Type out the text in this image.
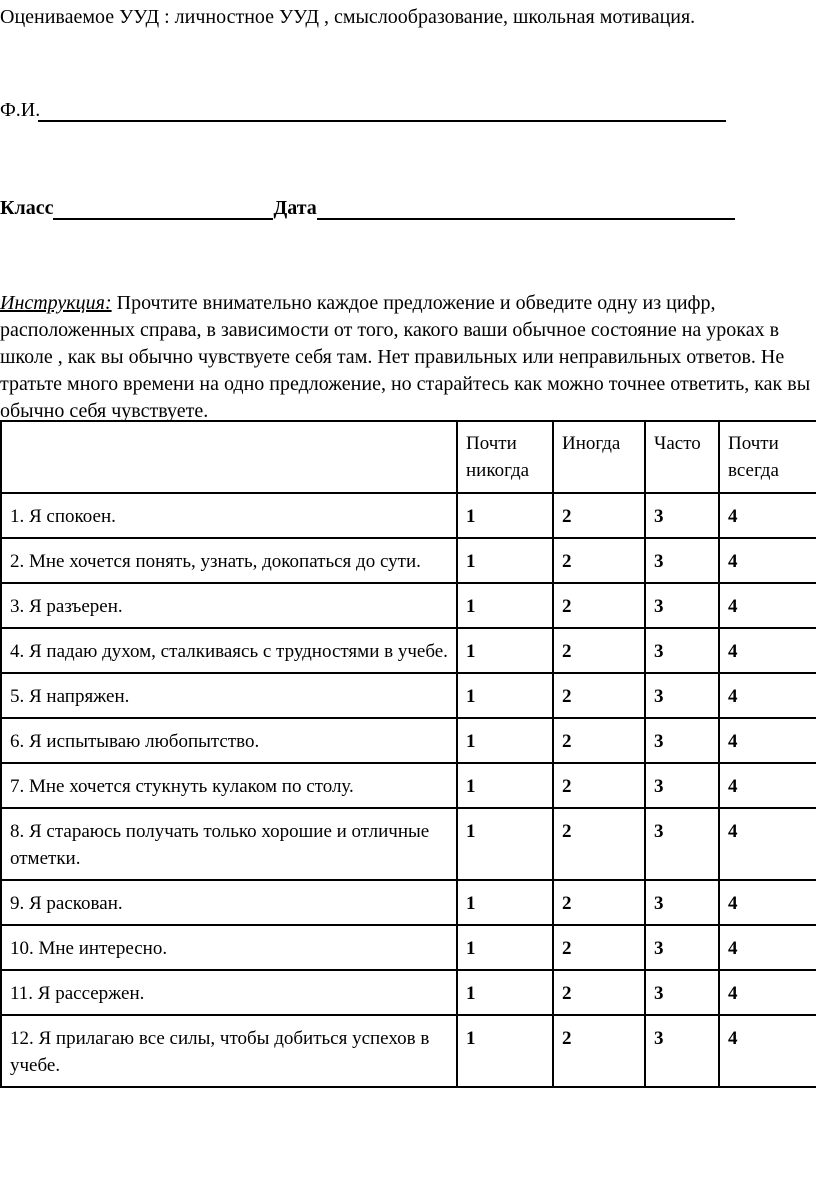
Оцениваемое УУД : личностное УУД , смыслообразование, школьная мотивация.
Ф.И.
Класс	Дата
Инструкция: Прочтите внимательно каждое предложение и обведите одну из цифр, расположенных справа, в зависимости от того, какого ваши обычное состояние на уроках в школе , как вы обычно чувствуете себя там. Нет правильных или неправильных ответов. Не тратьте много времени на одно предложение, но старайтесь как можно точнее ответить, как вы обычно себя чувствуете.
	Почти никогда	Иногда	Часто	Почти всегда
1. Я спокоен.	1	2	3	4
2. Мне хочется понять, узнать, докопаться до сути.	1	2	3	4
3. Я разъерен.	1	2	3	4
4. Я падаю духом, сталкиваясь с трудностями в учебе.	1	2	3	4
5. Я напряжен.	1	2	3	4
6. Я испытываю любопытство.	1	2	3	4
7. Мне хочется стукнуть кулаком по столу.	1	2	3	4
8. Я стараюсь получать только хорошие и отличные отметки.	1	2	3	4
9. Я раскован.	1	2	3	4
10. Мне интересно.	1	2	3	4
11. Я рассержен.	1	2	3	4
12. Я прилагаю все силы, чтобы добиться успехов в учебе.	1	2	3	4
